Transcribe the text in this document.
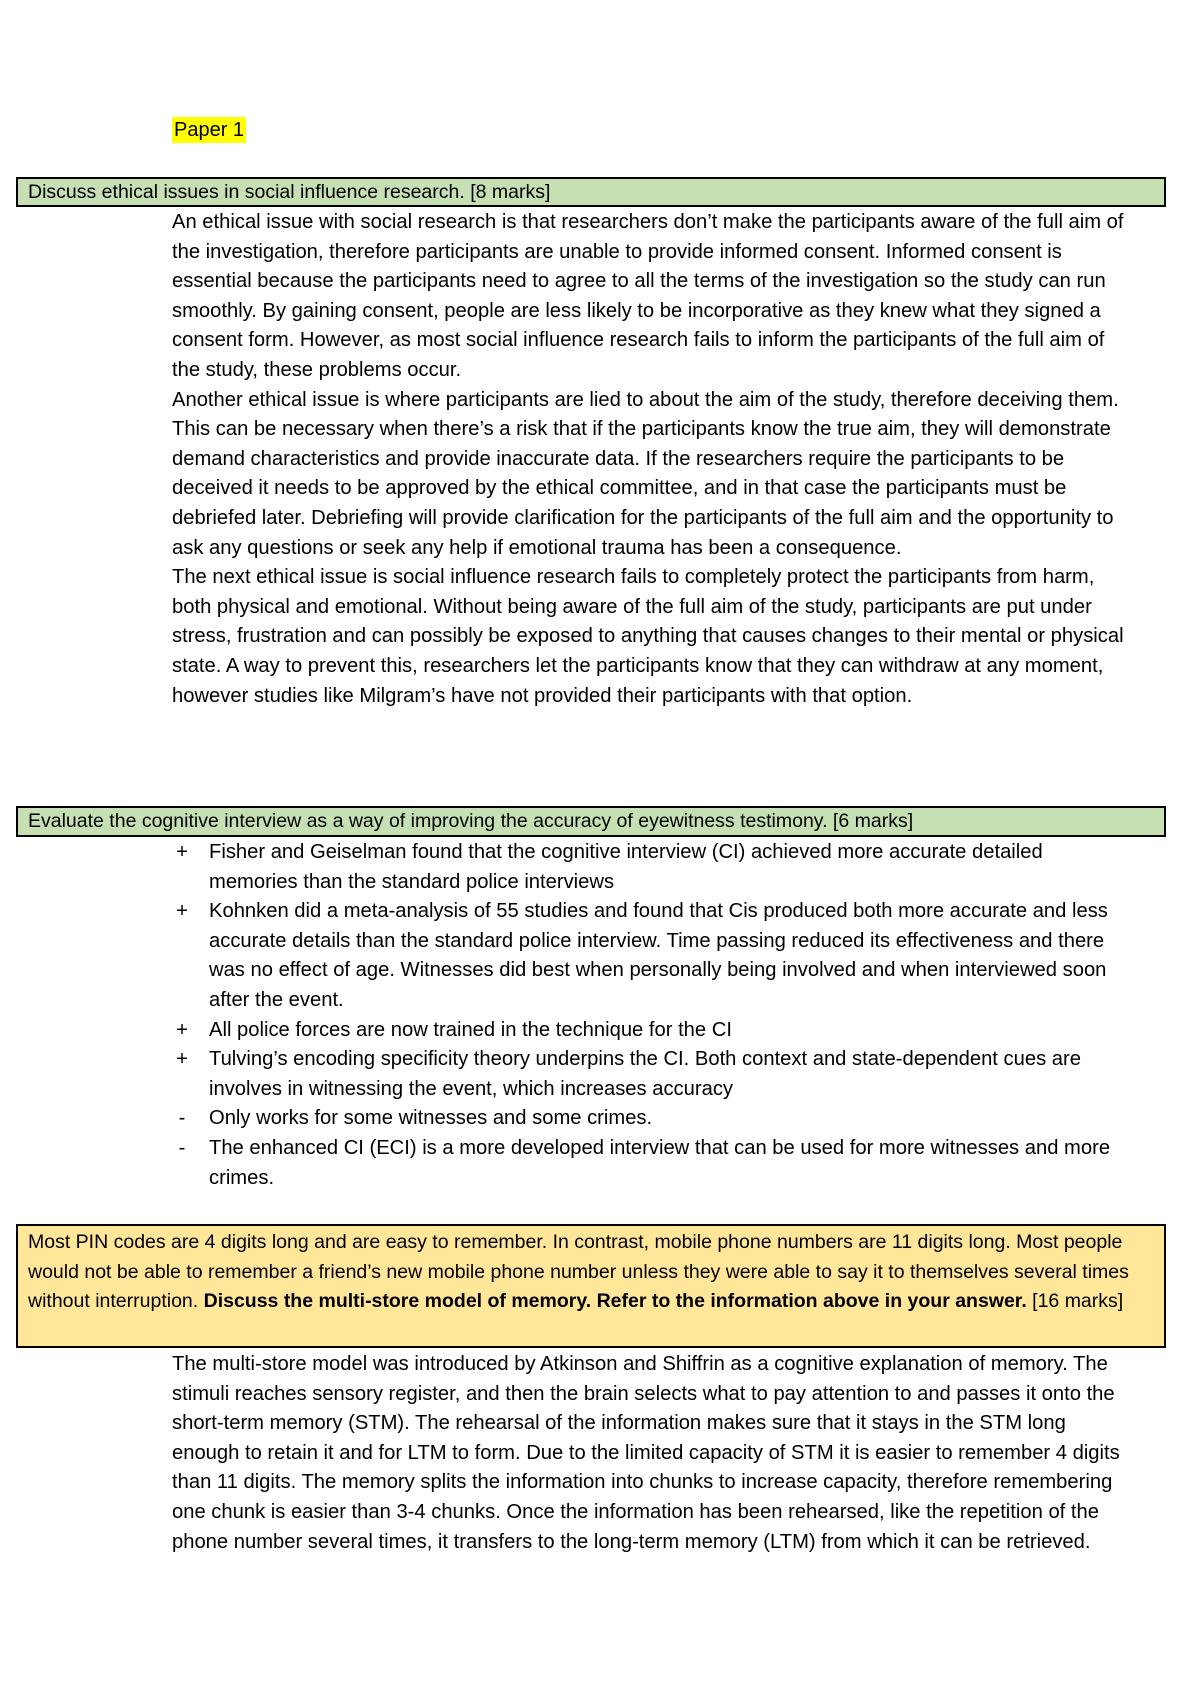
Paper 1
Discuss ethical issues in social influence research. [8 marks]

An ethical issue with social research is that researchers don’t make the participants aware of the full aim of the investigation, therefore participants are unable to provide informed consent. Informed consent is essential because the participants need to agree to all the terms of the investigation so the study can run smoothly. By gaining consent, people are less likely to be incorporative as they knew what they signed a consent form. However, as most social influence research fails to inform the participants of the full aim of the study, these problems occur.

Another ethical issue is where participants are lied to about the aim of the study, therefore deceiving them. This can be necessary when there’s a risk that if the participants know the true aim, they will demonstrate demand characteristics and provide inaccurate data. If the researchers require the participants to be deceived it needs to be approved by the ethical committee, and in that case the participants must be debriefed later. Debriefing will provide clarification for the participants of the full aim and the opportunity to ask any questions or seek any help if emotional trauma has been a consequence.

The next ethical issue is social influence research fails to completely protect the participants from harm, both physical and emotional. Without being aware of the full aim of the study, participants are put under stress, frustration and can possibly be exposed to anything that causes changes to their mental or physical state. A way to prevent this, researchers let the participants know that they can withdraw at any moment, however studies like Milgram’s have not provided their participants with that option.

Evaluate the cognitive interview as a way of improving the accuracy of eyewitness testimony. [6 marks]
+ Fisher and Geiselman found that the cognitive interview (CI) achieved more accurate detailed memories than the standard police interviews
+ Kohnken did a meta-analysis of 55 studies and found that Cis produced both more accurate and less accurate details than the standard police interview. Time passing reduced its effectiveness and there was no effect of age. Witnesses did best when personally being involved and when interviewed soon after the event.
+ All police forces are now trained in the technique for the CI
+ Tulving’s encoding specificity theory underpins the CI. Both context and state-dependent cues are involves in witnessing the event, which increases accuracy
-	Only works for some witnesses and some crimes.
-	The enhanced CI (ECI) is a more developed interview that can be used for more witnesses and more crimes.
Most PIN codes are 4 digits long and are easy to remember. In contrast, mobile phone numbers are 11 digits long. Most people would not be able to remember a friend’s new mobile phone number unless they were able to say it to themselves several times without interruption. Discuss the multi-store model of memory. Refer to the information above in your answer. [16 marks]

The multi-store model was introduced by Atkinson and Shiffrin as a cognitive explanation of memory. The stimuli reaches sensory register, and then the brain selects what to pay attention to and passes it onto the short-term memory (STM). The rehearsal of the information makes sure that it stays in the STM long enough to retain it and for LTM to form. Due to the limited capacity of STM it is easier to remember 4 digits than 11 digits. The memory splits the information into chunks to increase capacity, therefore remembering one chunk is easier than 3-4 chunks. Once the information has been rehearsed, like the repetition of the phone number several times, it transfers to the long-term memory (LTM) from which it can be retrieved.
